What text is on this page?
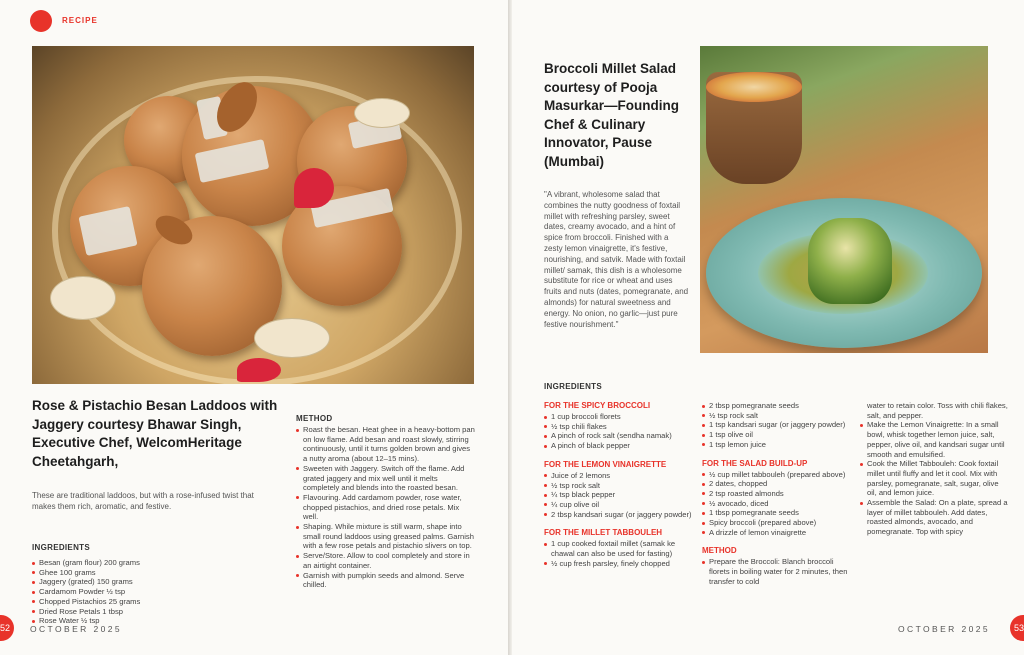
RECIPE
Rose & Pistachio Besan Laddoos with Jaggery courtesy Bhawar Singh, Executive Chef, WelcomHeritage Cheetahgarh,
These are traditional laddoos, but with a rose-infused twist that makes them rich, aromatic, and festive.
INGREDIENTS
Besan (gram flour) 200 grams
Ghee 100 grams
Jaggery (grated) 150 grams
Cardamom Powder ½ tsp
Chopped Pistachios 25 grams
Dried Rose Petals 1 tbsp
Rose Water ½ tsp
METHOD
Roast the besan. Heat ghee in a heavy-bottom pan on low flame. Add besan and roast slowly, stirring continuously, until it turns golden brown and gives a nutty aroma (about 12–15 mins).
Sweeten with Jaggery. Switch off the flame. Add grated jaggery and mix well until it melts completely and blends into the roasted besan.
Flavouring. Add cardamom powder, rose water, chopped pistachios, and dried rose petals. Mix well.
Shaping. While mixture is still warm, shape into small round laddoos using greased palms. Garnish with a few rose petals and pistachio slivers on top.
Serve/Store. Allow to cool completely and store in an airtight container.
Garnish with pumpkin seeds and almond. Serve chilled.
52	OCTOBER 2025
Broccoli Millet Salad courtesy of Pooja Masurkar—Founding Chef & Culinary Innovator, Pause (Mumbai)
"A vibrant, wholesome salad that combines the nutty goodness of foxtail millet with refreshing parsley, sweet dates, creamy avocado, and a hint of spice from broccoli. Finished with a zesty lemon vinaigrette, it's festive, nourishing, and satvik. Made with foxtail millet/ samak, this dish is a wholesome substitute for rice or wheat and uses fruits and nuts (dates, pomegranate, and almonds) for natural sweetness and energy. No onion, no garlic—just pure festive nourishment."
INGREDIENTS
FOR THE SPICY BROCCOLI
1 cup broccoli florets
½ tsp chili flakes
A pinch of rock salt (sendha namak)
A pinch of black pepper
FOR THE LEMON VINAIGRETTE
Juice of 2 lemons
½ tsp rock salt
¼ tsp black pepper
¼ cup olive oil
2 tbsp kandsari sugar (or jaggery powder)
FOR THE MILLET TABBOULEH
1 cup cooked foxtail millet (samak ke chawal can also be used for fasting)
½ cup fresh parsley, finely chopped
2 tbsp pomegranate seeds
½ tsp rock salt
1 tsp kandsari sugar (or jaggery powder)
1 tsp olive oil
1 tsp lemon juice
FOR THE SALAD BUILD-UP
½ cup millet tabbouleh (prepared above)
2 dates, chopped
2 tsp roasted almonds
½ avocado, diced
1 tbsp pomegranate seeds
Spicy broccoli (prepared above)
A drizzle of lemon vinaigrette
METHOD
Prepare the Broccoli: Blanch broccoli florets in boiling water for 2 minutes, then transfer to cold
water to retain color. Toss with chili flakes, salt, and pepper.
Make the Lemon Vinaigrette: In a small bowl, whisk together lemon juice, salt, pepper, olive oil, and kandsari sugar until smooth and emulsified.
Cook the Millet Tabbouleh: Cook foxtail millet until fluffy and let it cool. Mix with parsley, pomegranate, salt, sugar, olive oil, and lemon juice.
Assemble the Salad: On a plate, spread a layer of millet tabbouleh. Add dates, roasted almonds, avocado, and pomegranate. Top with spicy
OCTOBER 2025	53
